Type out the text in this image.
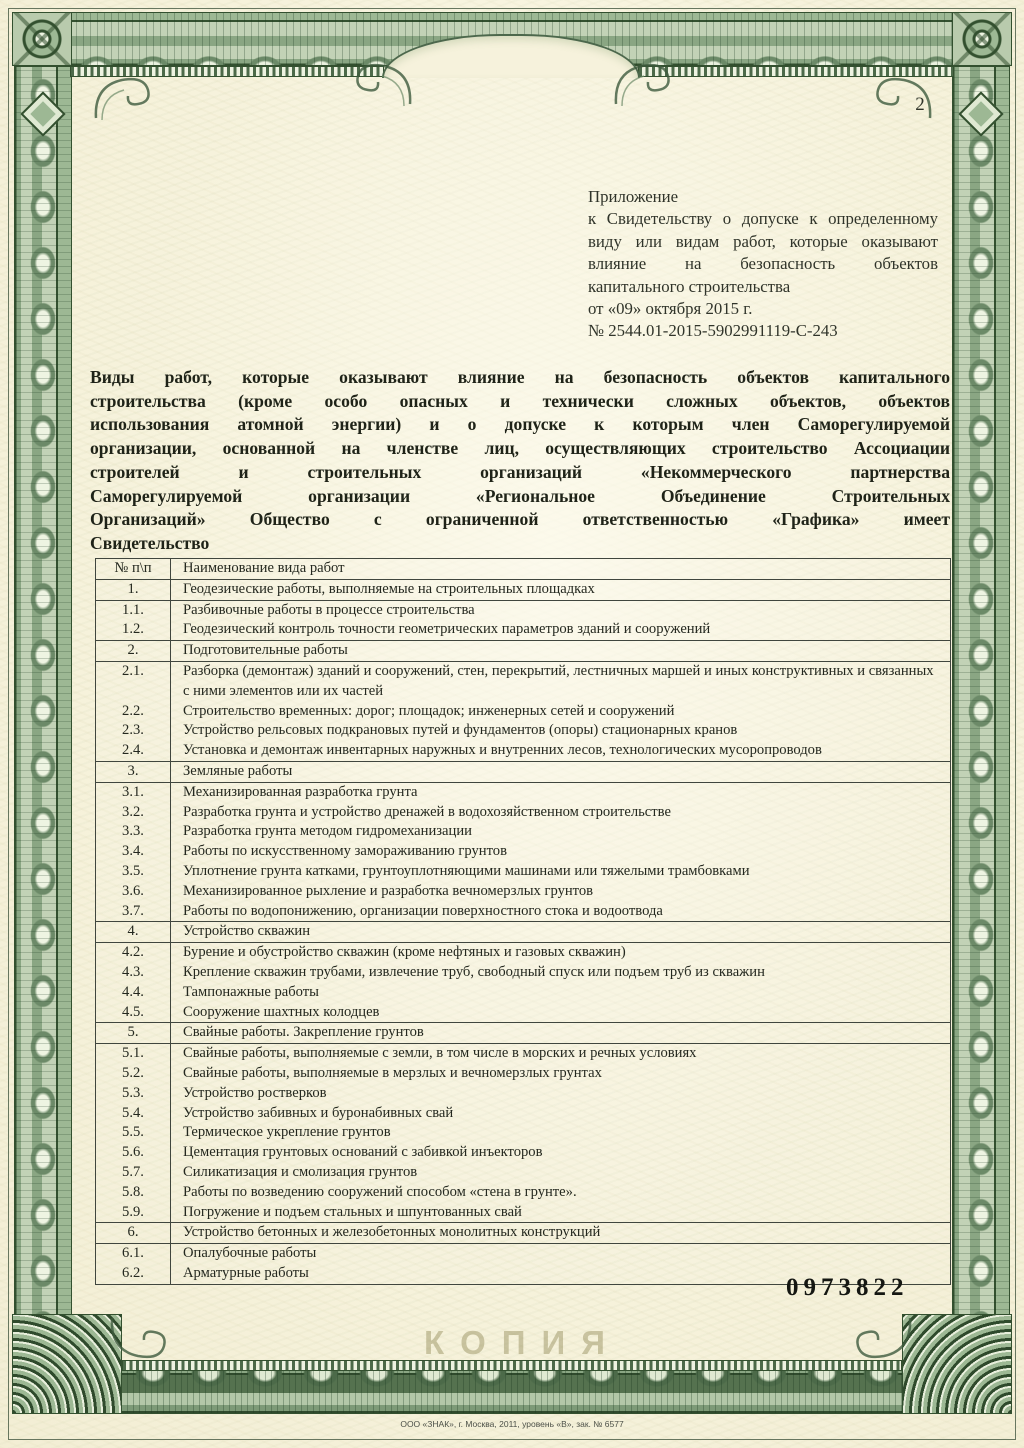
2
Приложение
к Свидетельству о допуске к определенному
виду или видам работ, которые оказывают
влияние на безопасность объектов
капитального строительства
от «09» октября 2015 г.
№ 2544.01-2015-5902991119-С-243
Виды работ, которые оказывают влияние на безопасность объектов капитального
строительства (кроме особо опасных и технически сложных объектов, объектов
использования атомной энергии) и о допуске к которым член Саморегулируемой
организации, основанной на членстве лиц, осуществляющих строительство Ассоциации
строителей и строительных организаций «Некоммерческого партнерства
Саморегулируемой организации «Региональное Объединение Строительных
Организаций» Общество с ограниченной ответственностью «Графика» имеет
Свидетельство
№ п\п	Наименование вида работ
1.	Геодезические работы, выполняемые на строительных площадках
1.1.	Разбивочные работы в процессе строительства
1.2.	Геодезический контроль точности геометрических параметров зданий и сооружений
2.	Подготовительные работы
2.1.	Разборка (демонтаж) зданий и сооружений, стен, перекрытий, лестничных маршей и иных конструктивных и связанных с ними элементов или их частей
2.2.	Строительство временных: дорог; площадок; инженерных сетей и сооружений
2.3.	Устройство рельсовых подкрановых путей и фундаментов (опоры) стационарных кранов
2.4.	Установка и демонтаж инвентарных наружных и внутренних лесов, технологических мусоропроводов
3.	Земляные работы
3.1.	Механизированная разработка грунта
3.2.	Разработка грунта и устройство дренажей в водохозяйственном строительстве
3.3.	Разработка грунта методом гидромеханизации
3.4.	Работы по искусственному замораживанию грунтов
3.5.	Уплотнение грунта катками, грунтоуплотняющими машинами или тяжелыми трамбовками
3.6.	Механизированное рыхление и разработка вечномерзлых грунтов
3.7.	Работы по водопонижению, организации поверхностного стока и водоотвода
4.	Устройство скважин
4.2.	Бурение и обустройство скважин (кроме нефтяных и газовых скважин)
4.3.	Крепление скважин трубами, извлечение труб, свободный спуск или подъем труб из скважин
4.4.	Тампонажные работы
4.5.	Сооружение шахтных колодцев
5.	Свайные работы. Закрепление грунтов
5.1.	Свайные работы, выполняемые с земли, в том числе в морских и речных условиях
5.2.	Свайные работы, выполняемые в мерзлых и вечномерзлых грунтах
5.3.	Устройство ростверков
5.4.	Устройство забивных и буронабивных свай
5.5.	Термическое укрепление грунтов
5.6.	Цементация грунтовых оснований с забивкой инъекторов
5.7.	Силикатизация и смолизация грунтов
5.8.	Работы по возведению сооружений способом «стена в грунте».
5.9.	Погружение и подъем стальных и шпунтованных свай
6.	Устройство бетонных и железобетонных монолитных конструкций
6.1.	Опалубочные работы
6.2.	Арматурные работы
0973822
КОПИЯ
ООО «ЗНАК», г. Москва, 2011, уровень «В», зак. № 6577
